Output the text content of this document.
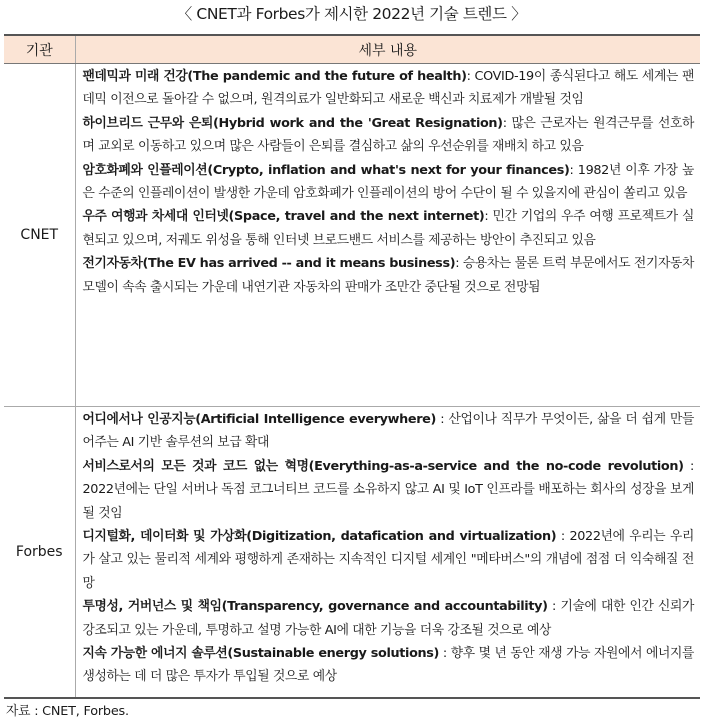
〈 CNET과 Forbes가 제시한 2022년 기술 트렌드 〉
기관	세부 내용
CNET	팬데믹과 미래 건강(The pandemic and the future of health): COVID-19이 종식된다고 해도 세계는 팬데믹 이전으로 돌아갈 수 없으며, 원격의료가 일반화되고 새로운 백신과 치료제가 개발될 것임

하이브리드 근무와 은퇴(Hybrid work and the 'Great Resignation): 많은 근로자는 원격근무를 선호하며 교외로 이동하고 있으며 많은 사람들이 은퇴를 결심하고 삶의 우선순위를 재배치 하고 있음

암호화폐와 인플레이션(Crypto, inflation and what's next for your finances): 1982년 이후 가장 높은 수준의 인플레이션이 발생한 가운데 암호화폐가 인플레이션의 방어 수단이 될 수 있을지에 관심이 쏠리고 있음

우주 여행과 차세대 인터넷(Space, travel and the next internet): 민간 기업의 우주 여행 프로젝트가 실현되고 있으며, 저궤도 위성을 통해 인터넷 브로드밴드 서비스를 제공하는 방안이 추진되고 있음

전기자동차(The EV has arrived -- and it means business): 승용차는 물론 트럭 부문에서도 전기자동차 모델이 속속 출시되는 가운데 내연기관 자동차의 판매가 조만간 중단될 것으로 전망됨

Forbes	어디에서나 인공지능(Artificial Intelligence everywhere) : 산업이나 직무가 무엇이든, 삶을 더 쉽게 만들어주는 AI 기반 솔루션의 보급 확대

서비스로서의 모든 것과 코드 없는 혁명(Everything-as-a-service and the no-code revolution) : 2022년에는 단일 서버나 독점 코그너티브 코드를 소유하지 않고 AI 및 IoT 인프라를 배포하는 회사의 성장을 보게 될 것임

디지털화, 데이터화 및 가상화(Digitization, datafication and virtualization) : 2022년에 우리는 우리가 살고 있는 물리적 세계와 평행하게 존재하는 지속적인 디지털 세계인 "메타버스"의 개념에 점점 더 익숙해질 전망

투명성, 거버넌스 및 책임(Transparency, governance and accountability) : 기술에 대한 인간 신뢰가 강조되고 있는 가운데, 투명하고 설명 가능한 AI에 대한 기능을 더욱 강조될 것으로 예상

지속 가능한 에너지 솔루션(Sustainable energy solutions) : 향후 몇 년 동안 재생 가능 자원에서 에너지를 생성하는 데 더 많은 투자가 투입될 것으로 예상

자료 : CNET, Forbes.
